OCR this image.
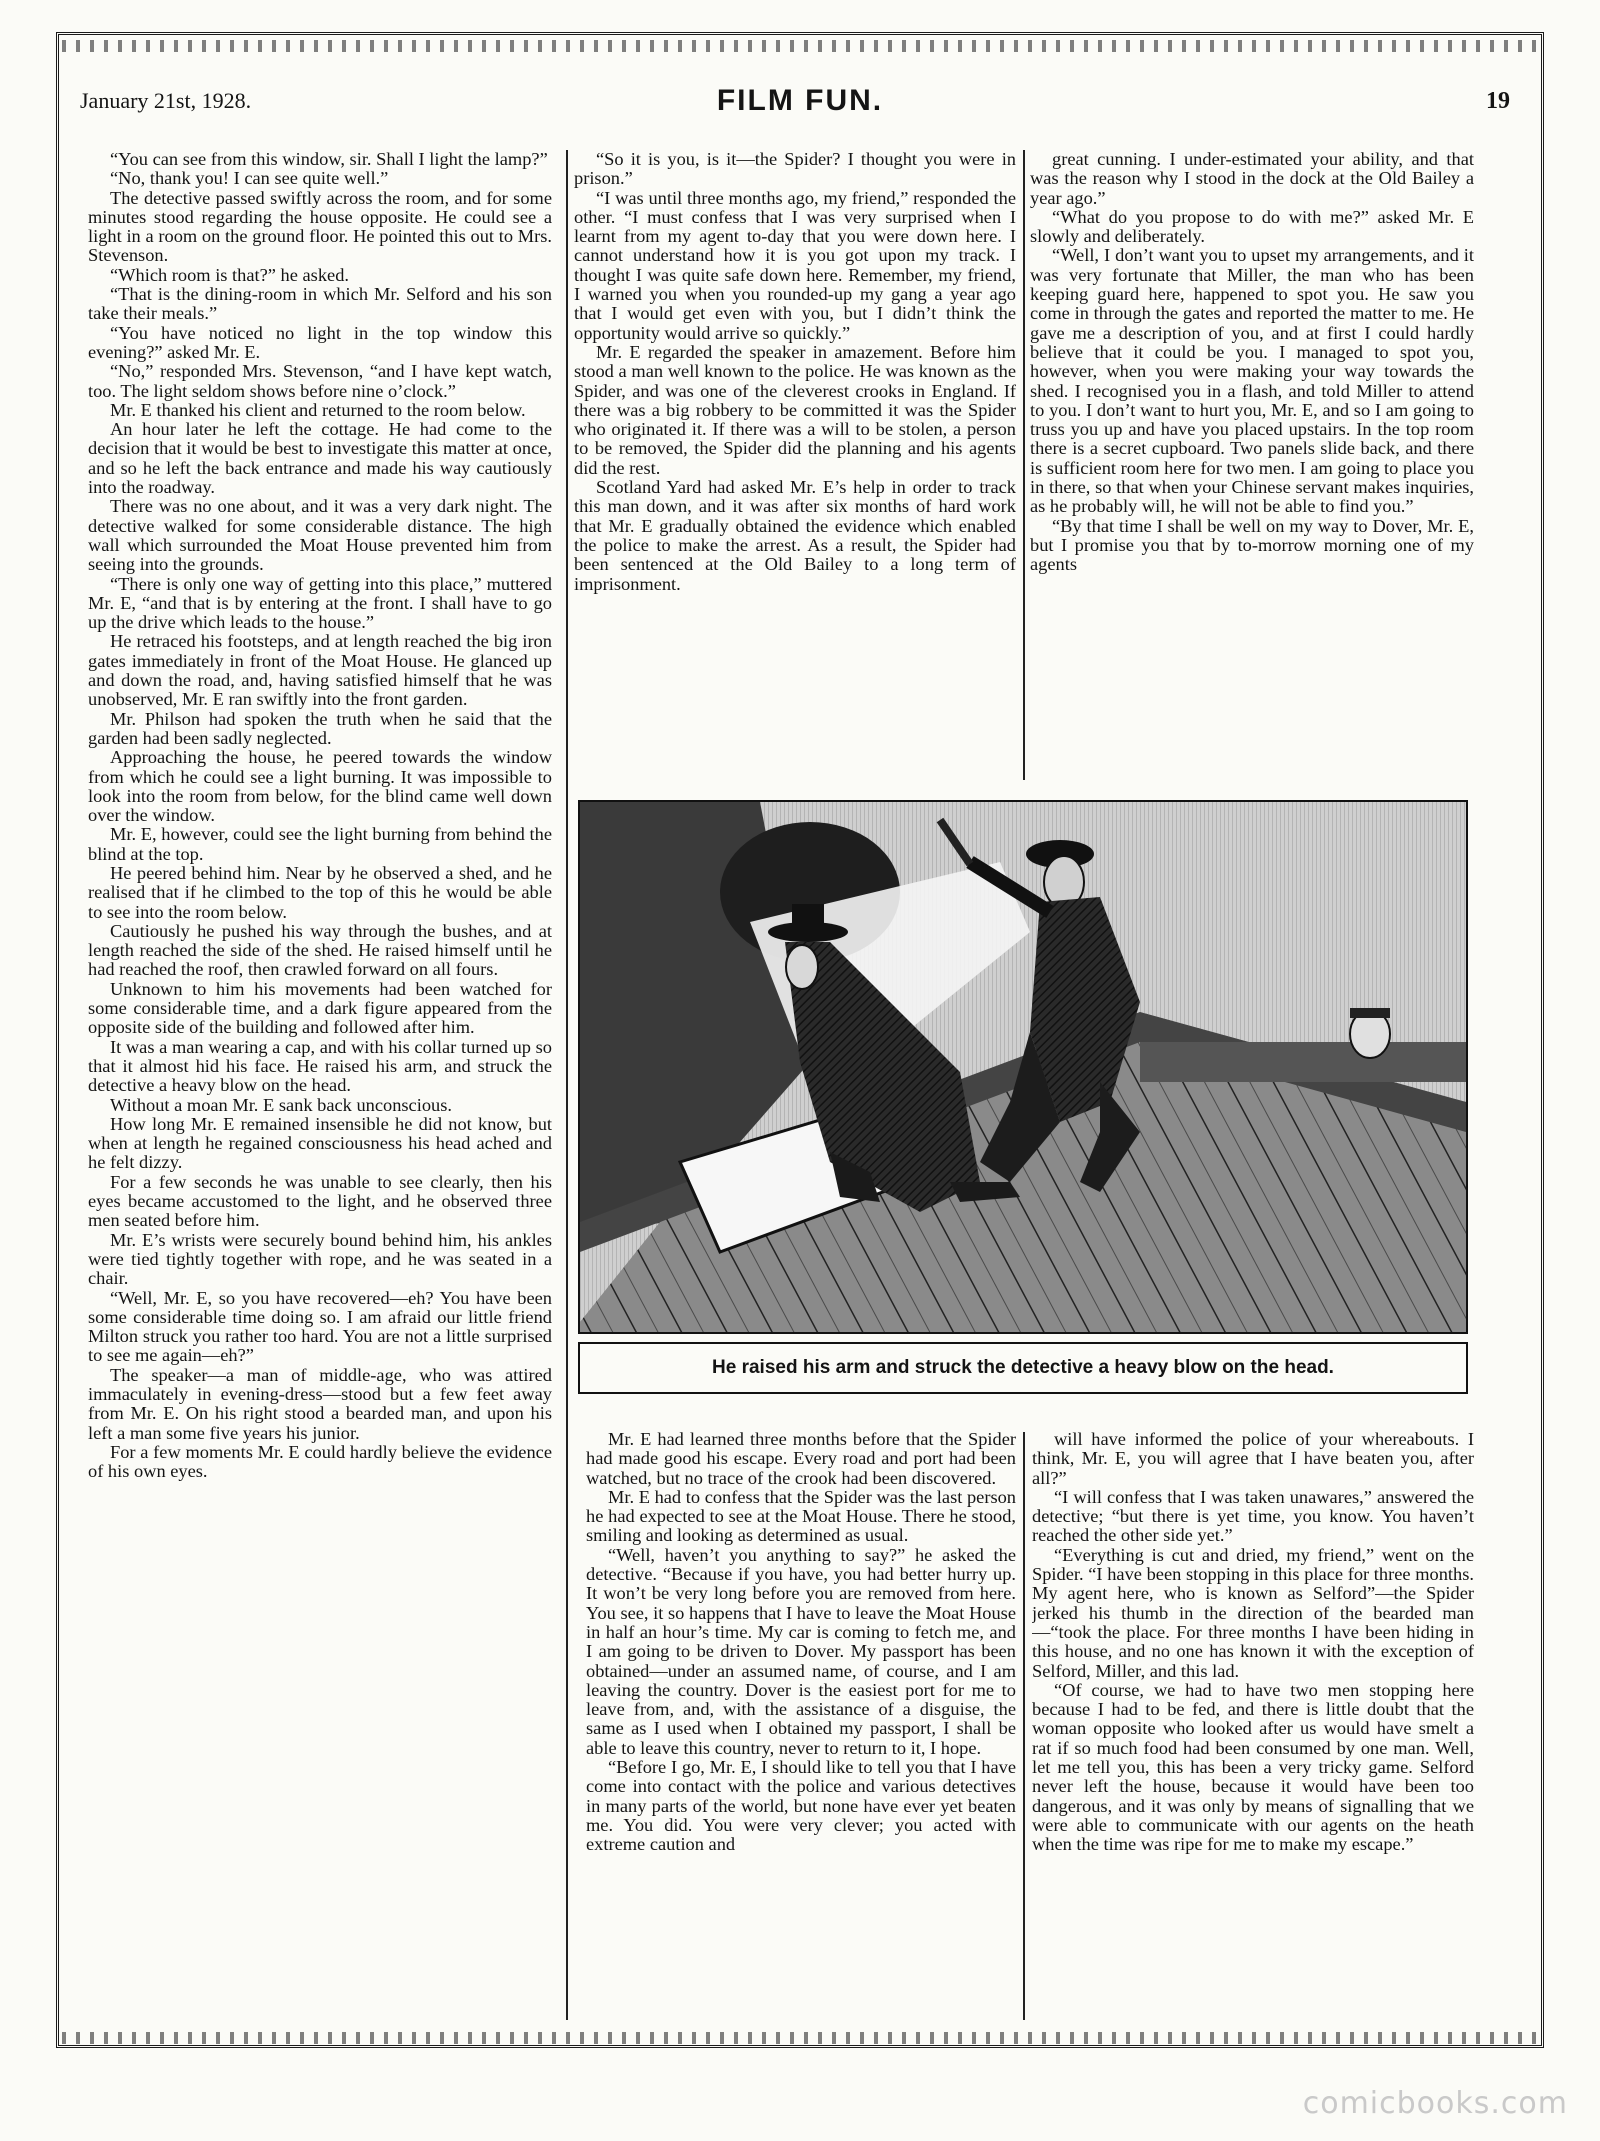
January 21st, 1928.	FILM FUN.	19

“You can see from this window, sir. Shall I light the lamp?”

“No, thank you! I can see quite well.”

The detective passed swiftly across the room, and for some minutes stood regarding the house opposite. He could see a light in a room on the ground floor. He pointed this out to Mrs. Stevenson.

“Which room is that?” he asked.

“That is the dining-room in which Mr. Selford and his son take their meals.”

“You have noticed no light in the top window this evening?” asked Mr. E.

“No,” responded Mrs. Stevenson, “and I have kept watch, too. The light seldom shows before nine o’clock.”

Mr. E thanked his client and returned to the room below.

An hour later he left the cottage. He had come to the decision that it would be best to investigate this matter at once, and so he left the back entrance and made his way cautiously into the roadway.

There was no one about, and it was a very dark night. The detective walked for some considerable distance. The high wall which surrounded the Moat House prevented him from seeing into the grounds.

“There is only one way of getting into this place,” muttered Mr. E, “and that is by entering at the front. I shall have to go up the drive which leads to the house.”

He retraced his footsteps, and at length reached the big iron gates immediately in front of the Moat House. He glanced up and down the road, and, having satisfied himself that he was unobserved, Mr. E ran swiftly into the front garden.

Mr. Philson had spoken the truth when he said that the garden had been sadly neglected.

Approaching the house, he peered towards the window from which he could see a light burning. It was impossible to look into the room from below, for the blind came well down over the window.

Mr. E, however, could see the light burning from behind the blind at the top.

He peered behind him. Near by he observed a shed, and he realised that if he climbed to the top of this he would be able to see into the room below.

Cautiously he pushed his way through the bushes, and at length reached the side of the shed. He raised himself until he had reached the roof, then crawled forward on all fours.

Unknown to him his movements had been watched for some considerable time, and a dark figure appeared from the opposite side of the building and followed after him.

It was a man wearing a cap, and with his collar turned up so that it almost hid his face. He raised his arm, and struck the detective a heavy blow on the head.

Without a moan Mr. E sank back unconscious.

How long Mr. E remained insensible he did not know, but when at length he regained consciousness his head ached and he felt dizzy.

For a few seconds he was unable to see clearly, then his eyes became accustomed to the light, and he observed three men seated before him.

Mr. E’s wrists were securely bound behind him, his ankles were tied tightly together with rope, and he was seated in a chair.

“Well, Mr. E, so you have recovered—eh? You have been some considerable time doing so. I am afraid our little friend Milton struck you rather too hard. You are not a little surprised to see me again—eh?”

The speaker—a man of middle-age, who was attired immaculately in evening-dress—stood but a few feet away from Mr. E. On his right stood a bearded man, and upon his left a man some five years his junior.

For a few moments Mr. E could hardly believe the evidence of his own eyes.

“So it is you, is it—the Spider? I thought you were in prison.”

“I was until three months ago, my friend,” responded the other. “I must confess that I was very surprised when I learnt from my agent to-day that you were down here. I cannot understand how it is you got upon my track. I thought I was quite safe down here. Remember, my friend, I warned you when you rounded-up my gang a year ago that I would get even with you, but I didn’t think the opportunity would arrive so quickly.”

Mr. E regarded the speaker in amazement. Before him stood a man well known to the police. He was known as the Spider, and was one of the cleverest crooks in England. If there was a big robbery to be committed it was the Spider who originated it. If there was a will to be stolen, a person to be removed, the Spider did the planning and his agents did the rest.

Scotland Yard had asked Mr. E’s help in order to track this man down, and it was after six months of hard work that Mr. E gradually obtained the evidence which enabled the police to make the arrest. As a result, the Spider had been sentenced at the Old Bailey to a long term of imprisonment.

great cunning. I under-estimated your ability, and that was the reason why I stood in the dock at the Old Bailey a year ago.”

“What do you propose to do with me?” asked Mr. E slowly and deliberately.

“Well, I don’t want you to upset my arrangements, and it was very fortunate that Miller, the man who has been keeping guard here, happened to spot you. He saw you come in through the gates and reported the matter to me. He gave me a description of you, and at first I could hardly believe that it could be you. I managed to spot you, however, when you were making your way towards the shed. I recognised you in a flash, and told Miller to attend to you. I don’t want to hurt you, Mr. E, and so I am going to truss you up and have you placed upstairs. In the top room there is a secret cupboard. Two panels slide back, and there is sufficient room here for two men. I am going to place you in there, so that when your Chinese servant makes inquiries, as he probably will, he will not be able to find you.”

“By that time I shall be well on my way to Dover, Mr. E, but I promise you that by to-morrow morning one of my agents

He raised his arm and struck the detective a heavy blow on the head.

Mr. E had learned three months before that the Spider had made good his escape. Every road and port had been watched, but no trace of the crook had been discovered.

Mr. E had to confess that the Spider was the last person he had expected to see at the Moat House. There he stood, smiling and looking as determined as usual.

“Well, haven’t you anything to say?” he asked the detective. “Because if you have, you had better hurry up. It won’t be very long before you are removed from here. You see, it so happens that I have to leave the Moat House in half an hour’s time. My car is coming to fetch me, and I am going to be driven to Dover. My passport has been obtained—under an assumed name, of course, and I am leaving the country. Dover is the easiest port for me to leave from, and, with the assistance of a disguise, the same as I used when I obtained my passport, I shall be able to leave this country, never to return to it, I hope.

“Before I go, Mr. E, I should like to tell you that I have come into contact with the police and various detectives in many parts of the world, but none have ever yet beaten me. You did. You were very clever; you acted with extreme caution and

will have informed the police of your whereabouts. I think, Mr. E, you will agree that I have beaten you, after all?”

“I will confess that I was taken unawares,” answered the detective; “but there is yet time, you know. You haven’t reached the other side yet.”

“Everything is cut and dried, my friend,” went on the Spider. “I have been stopping in this place for three months. My agent here, who is known as Selford”—the Spider jerked his thumb in the direction of the bearded man—“took the place. For three months I have been hiding in this house, and no one has known it with the exception of Selford, Miller, and this lad.

“Of course, we had to have two men stopping here because I had to be fed, and there is little doubt that the woman opposite who looked after us would have smelt a rat if so much food had been consumed by one man. Well, let me tell you, this has been a very tricky game. Selford never left the house, because it would have been too dangerous, and it was only by means of signalling that we were able to communicate with our agents on the heath when the time was ripe for me to make my escape.”

comicbooks.com
